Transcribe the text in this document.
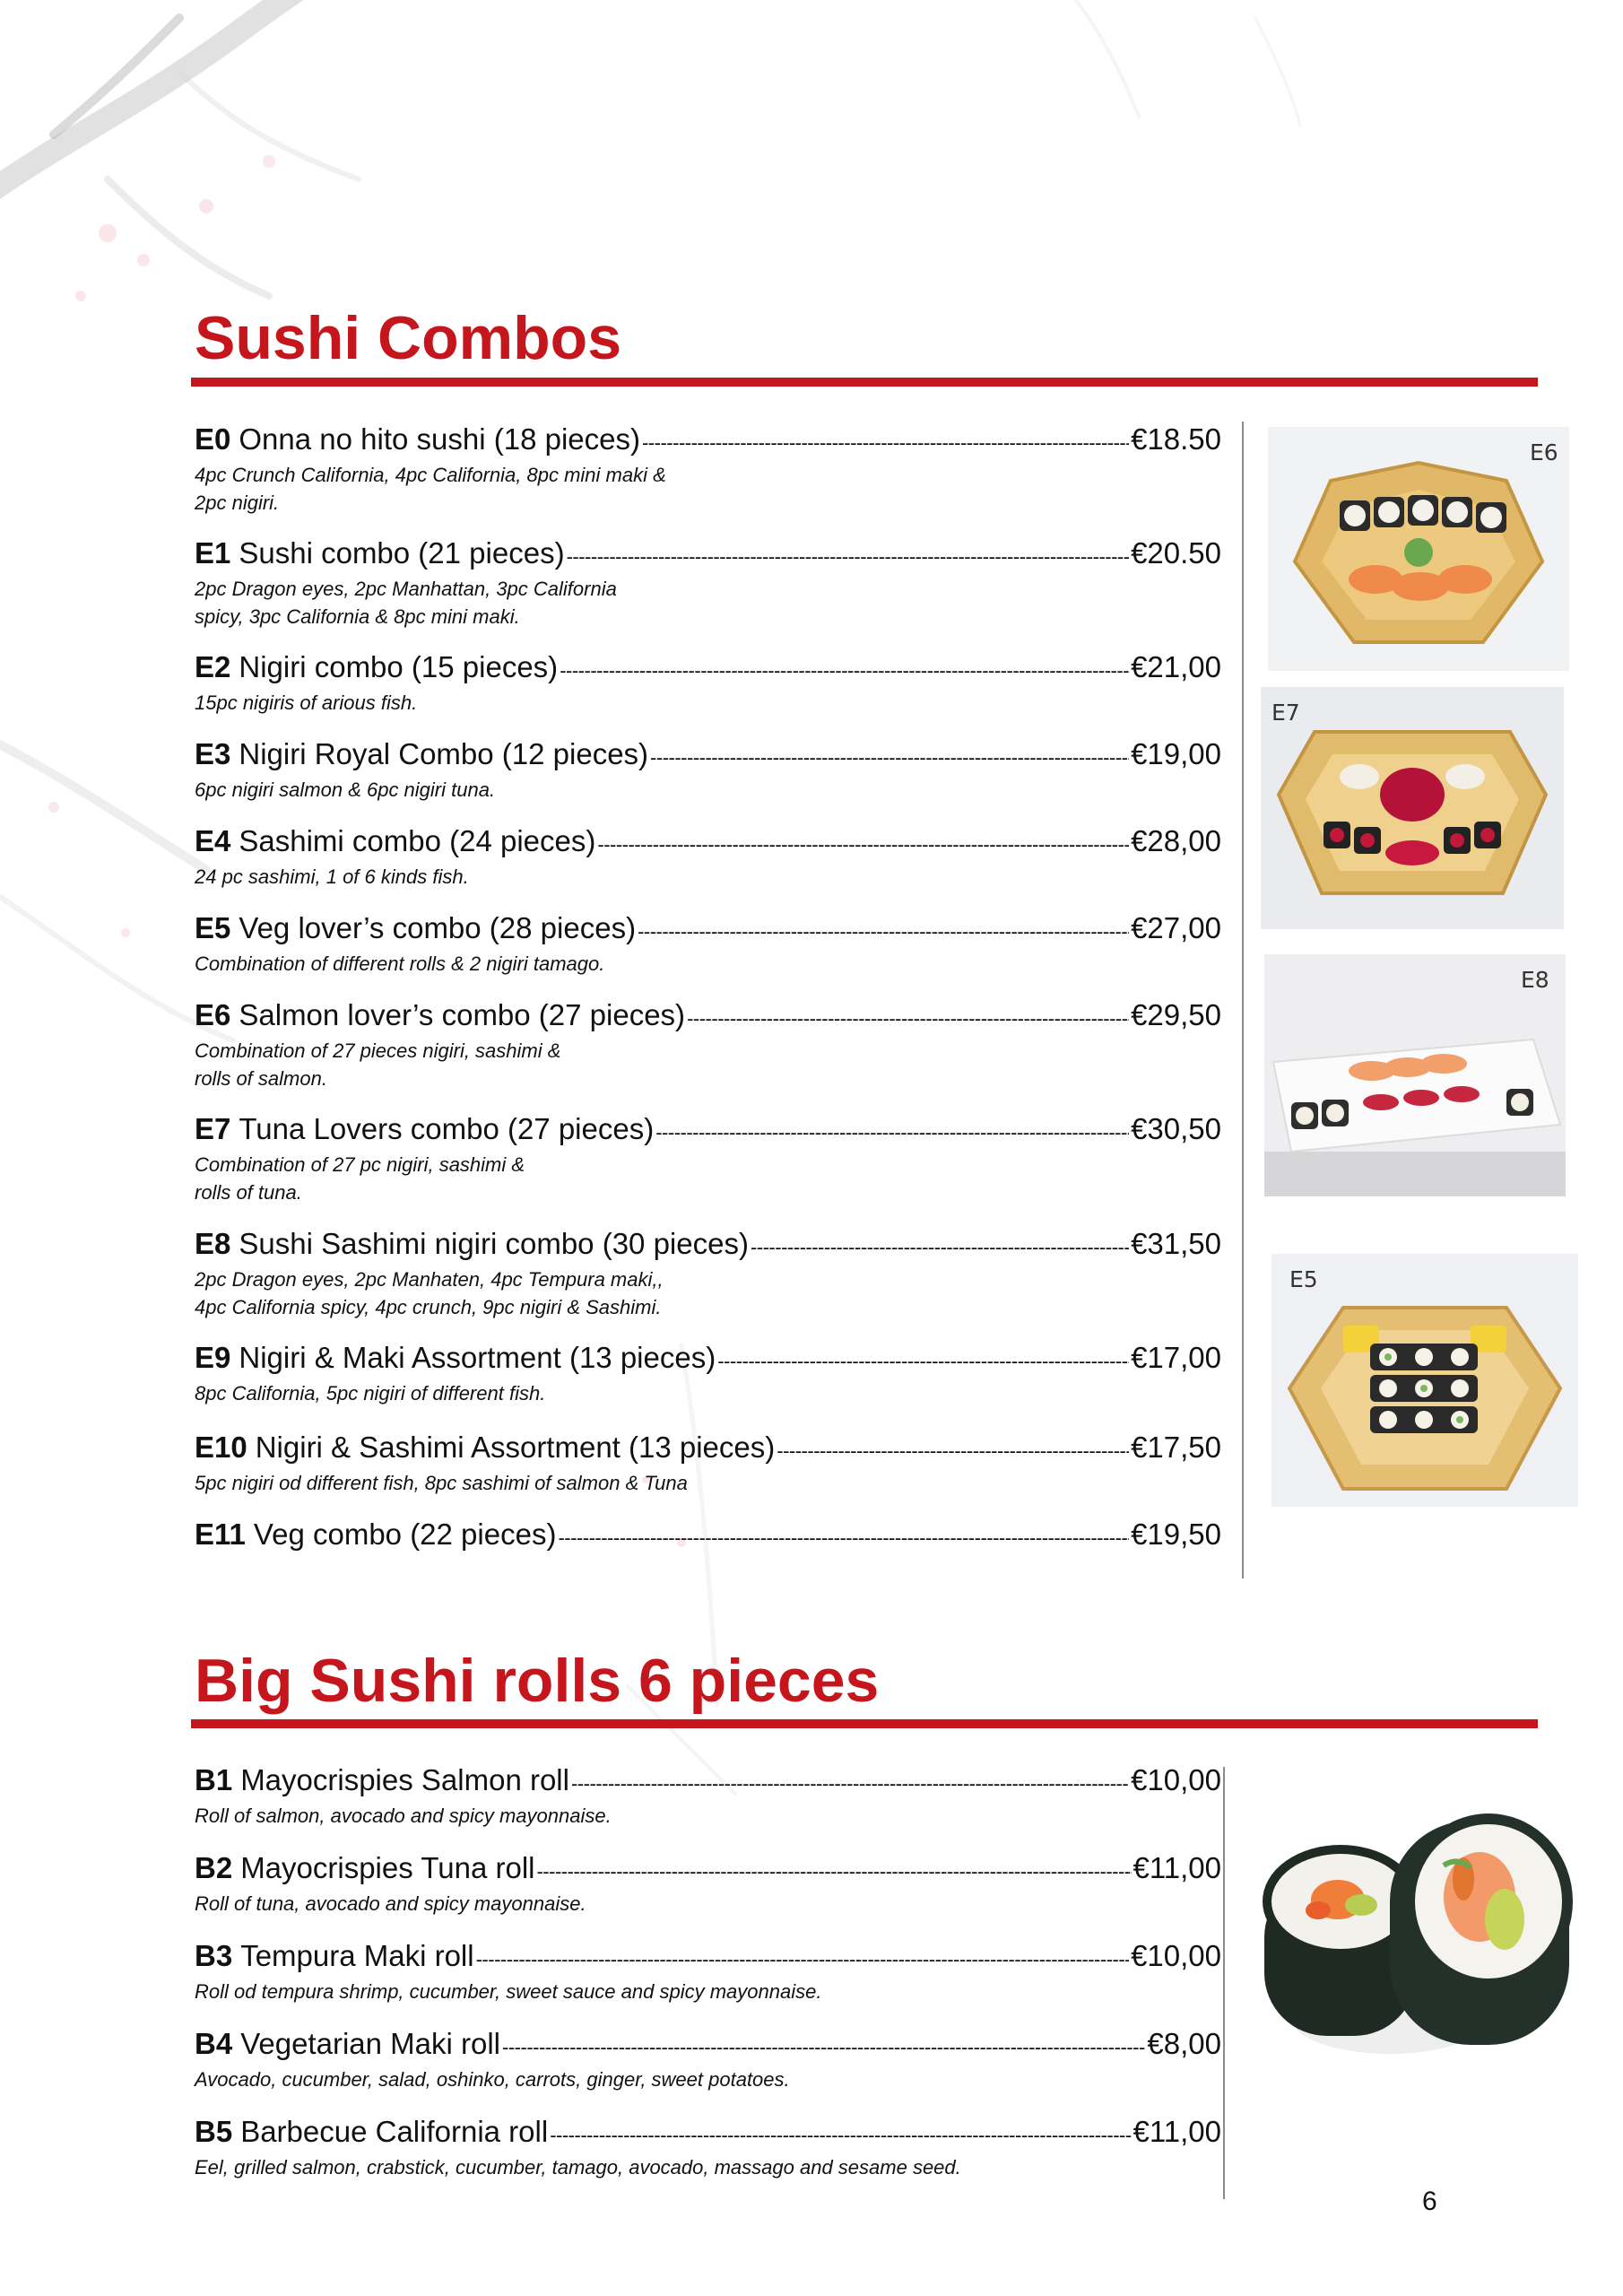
Sushi Combos
E0 Onna no hito sushi (18 pieces) -----	€18.50
4pc Crunch California, 4pc California, 8pc mini maki &
2pc nigiri.
E1 Sushi combo (21 pieces) -----	€20.50
2pc Dragon eyes, 2pc Manhattan, 3pc California
spicy, 3pc California & 8pc mini maki.
E2 Nigiri combo (15 pieces) -----	€21,00
15pc nigiris of arious fish.
E3 Nigiri Royal Combo (12 pieces) -----	€19,00
6pc nigiri salmon & 6pc nigiri tuna.
E4 Sashimi combo (24 pieces) -----	€28,00
24 pc sashimi, 1 of 6 kinds fish.
E5 Veg lover’s combo (28 pieces) -----	€27,00
Combination of different rolls & 2 nigiri tamago.
E6 Salmon lover’s combo (27 pieces) -----	€29,50
Combination of 27 pieces nigiri, sashimi &
rolls of salmon.
E7 Tuna Lovers combo (27 pieces) -----	€30,50
Combination of 27 pc nigiri, sashimi &
rolls of tuna.
E8 Sushi Sashimi nigiri combo (30 pieces) -----	€31,50
2pc Dragon eyes, 2pc Manhaten, 4pc Tempura maki,,
4pc California spicy, 4pc crunch, 9pc nigiri & Sashimi.
E9 Nigiri & Maki Assortment (13 pieces) -----	€17,00
8pc California, 5pc nigiri of different fish.
E10 Nigiri & Sashimi Assortment (13 pieces) -----	€17,50
5pc nigiri od different fish, 8pc sashimi of salmon & Tuna
E11 Veg combo (22 pieces) -----	€19,50
E6
E7
E8
E5
Big Sushi rolls 6 pieces
B1 Mayocrispies Salmon roll -----	€10,00
Roll of salmon, avocado and spicy mayonnaise.
B2 Mayocrispies Tuna roll -----	€11,00
Roll of tuna, avocado and spicy mayonnaise.
B3 Tempura Maki roll -----	€10,00
Roll od tempura shrimp, cucumber, sweet sauce and spicy mayonnaise.
B4 Vegetarian Maki roll -----	€8,00
Avocado, cucumber, salad, oshinko, carrots, ginger, sweet potatoes.
B5 Barbecue California roll -----	€11,00
Eel, grilled salmon, crabstick, cucumber, tamago, avocado, massago and sesame seed.
6
